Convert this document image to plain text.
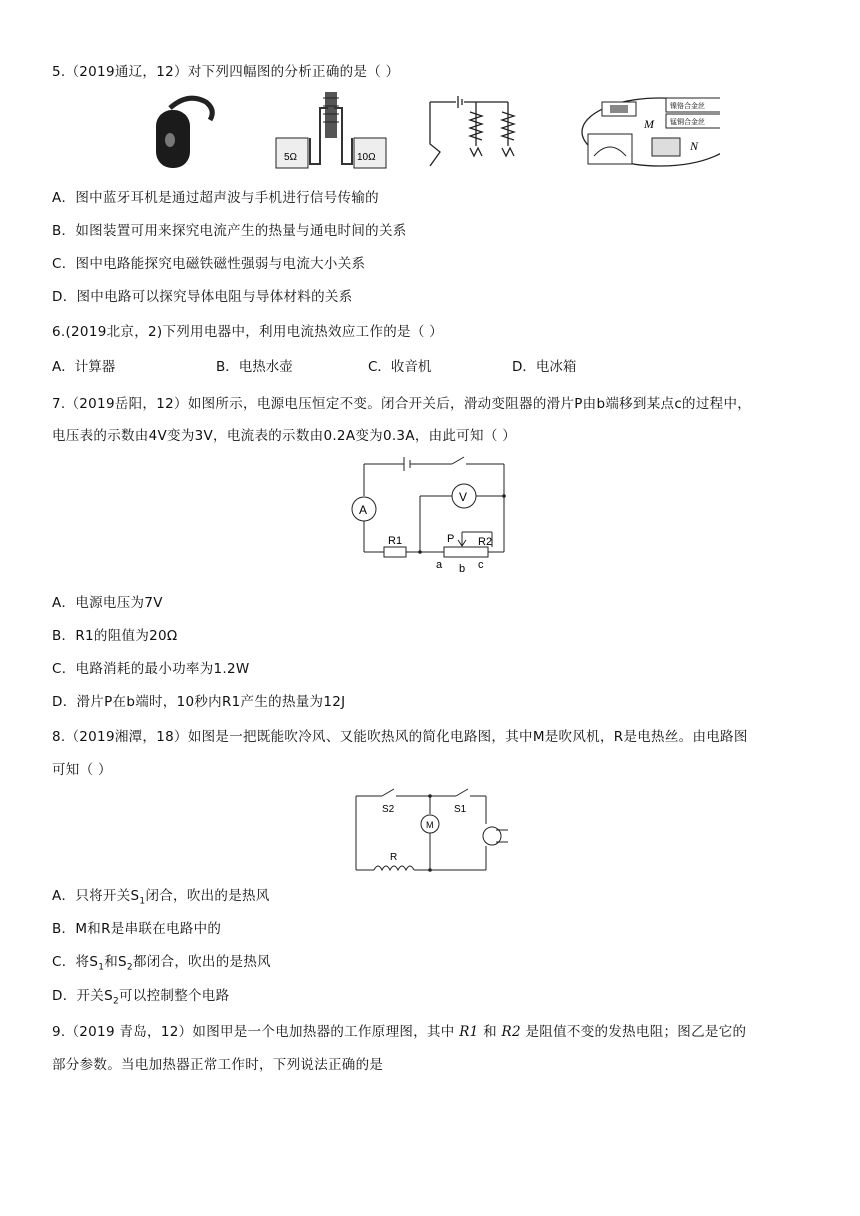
5.（2019通辽，12）对下列四幅图的分析正确的是（ ）
5Ω	10Ω
镍铬合金丝
锰铜合金丝
M
N
A．图中蓝牙耳机是通过超声波与手机进行信号传输的
B．如图装置可用来探究电流产生的热量与通电时间的关系
C．图中电路能探究电磁铁磁性强弱与电流大小关系
D．图中电路可以探究导体电阻与导体材料的关系
6.(2019北京，2)下列用电器中，利用电流热效应工作的是（ ）
A．计算器	B．电热水壶	C．收音机	D．电冰箱
7.（2019岳阳，12）如图所示，电源电压恒定不变。闭合开关后，滑动变阻器的滑片P由b端移到某点c的过程中，
电压表的示数由4V变为3V，电流表的示数由0.2A变为0.3A，由此可知（ ）
A
V
R1	P R2
a b c
A．电源电压为7V
B．R1的阻值为20Ω
C．电路消耗的最小功率为1.2W
D．滑片P在b端时，10秒内R1产生的热量为12J
8.（2019湘潭，18）如图是一把既能吹冷风、又能吹热风的简化电路图，其中M是吹风机，R是电热丝。由电路图
可知（ ）
S2	S1
M
R
A．只将开关$S_1$闭合，吹出的是热风
B．M和R是串联在电路中的
C．将$S_1$和$S_2$都闭合，吹出的是热风
D．开关$S_2$可以控制整个电路
9.（2019 青岛，12）如图甲是一个电加热器的工作原理图，其中 R1 和 R2 是阻值不变的发热电阻；图乙是它的
部分参数。当电加热器正常工作时，下列说法正确的是
